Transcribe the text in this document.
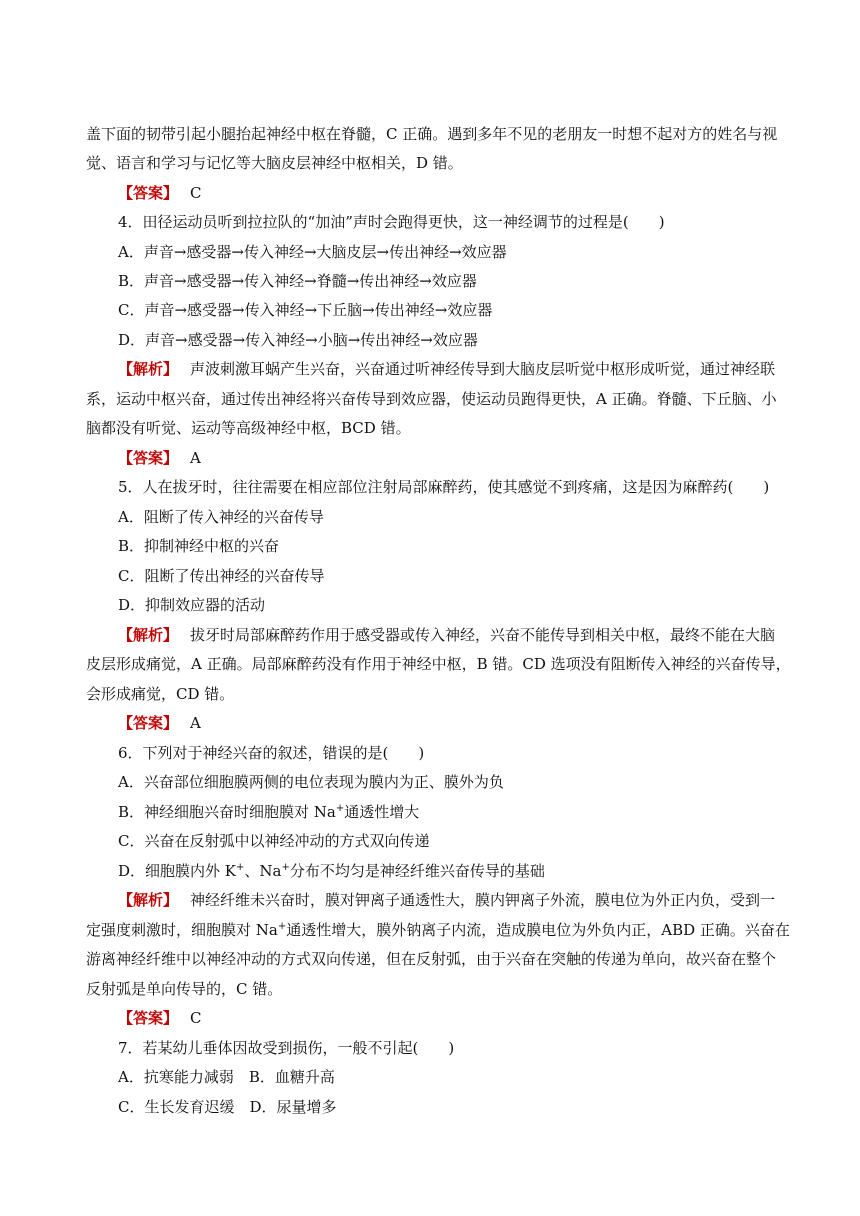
盖下面的韧带引起小腿抬起神经中枢在脊髓，C 正确。遇到多年不见的老朋友一时想不起对方的姓名与视
觉、语言和学习与记忆等大脑皮层神经中枢相关，D 错。
【答案】 C
4．田径运动员听到拉拉队的“加油”声时会跑得更快，这一神经调节的过程是(　　)
A．声音→感受器→传入神经→大脑皮层→传出神经→效应器
B．声音→感受器→传入神经→脊髓→传出神经→效应器
C．声音→感受器→传入神经→下丘脑→传出神经→效应器
D．声音→感受器→传入神经→小脑→传出神经→效应器
【解析】 声波刺激耳蜗产生兴奋，兴奋通过听神经传导到大脑皮层听觉中枢形成听觉，通过神经联
系，运动中枢兴奋，通过传出神经将兴奋传导到效应器，使运动员跑得更快，A 正确。脊髓、下丘脑、小
脑都没有听觉、运动等高级神经中枢，BCD 错。
【答案】 A
5．人在拔牙时，往往需要在相应部位注射局部麻醉药，使其感觉不到疼痛，这是因为麻醉药(　　)
A．阻断了传入神经的兴奋传导
B．抑制神经中枢的兴奋
C．阻断了传出神经的兴奋传导
D．抑制效应器的活动
【解析】 拔牙时局部麻醉药作用于感受器或传入神经，兴奋不能传导到相关中枢，最终不能在大脑
皮层形成痛觉，A 正确。局部麻醉药没有作用于神经中枢，B 错。CD 选项没有阻断传入神经的兴奋传导，
会形成痛觉，CD 错。
【答案】 A
6．下列对于神经兴奋的叙述，错误的是(　　)
A．兴奋部位细胞膜两侧的电位表现为膜内为正、膜外为负
B．神经细胞兴奋时细胞膜对 Na+通透性增大
C．兴奋在反射弧中以神经冲动的方式双向传递
D．细胞膜内外 K+、Na+分布不均匀是神经纤维兴奋传导的基础
【解析】 神经纤维未兴奋时，膜对钾离子通透性大，膜内钾离子外流，膜电位为外正内负，受到一
定强度刺激时，细胞膜对 Na+通透性增大，膜外钠离子内流，造成膜电位为外负内正，ABD 正确。兴奋在
游离神经纤维中以神经冲动的方式双向传递，但在反射弧，由于兴奋在突触的传递为单向，故兴奋在整个
反射弧是单向传导的，C 错。
【答案】 C
7．若某幼儿垂体因故受到损伤，一般不引起(　　)
A．抗寒能力减弱　B．血糖升高
C．生长发育迟缓　D．尿量增多
